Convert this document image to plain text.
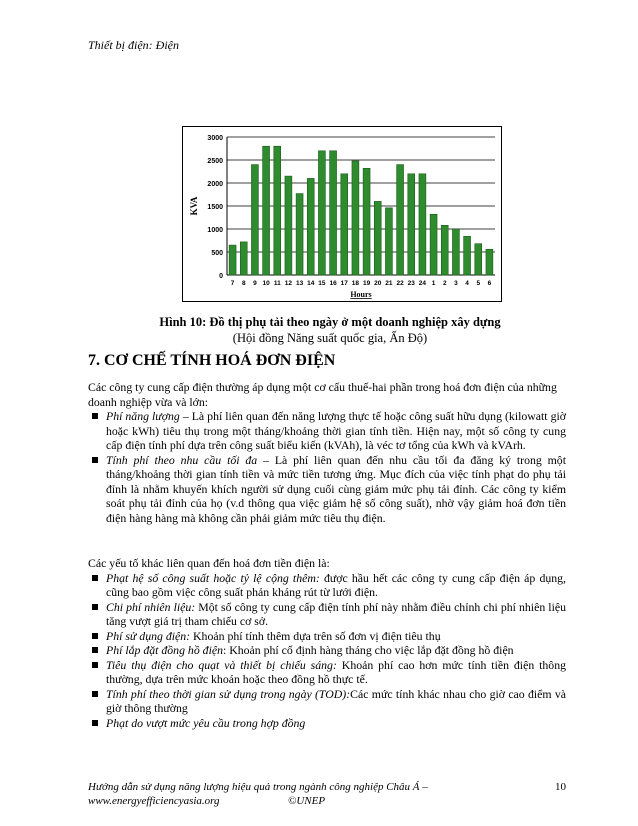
Thiết bị điện: Điện
0
500
1000
1500
2000
2500
3000
7 8 9 10 11 12 13 14 15 16 17 18 19 20 21 22 23 24 1 2 3 4 5 6
Hours
KVA
Hình 10: Đồ thị phụ tải theo ngày ở một doanh nghiệp xây dựng (Hội đồng Năng suất quốc gia, Ấn Độ)
7. CƠ CHẾ TÍNH HOÁ ĐƠN ĐIỆN
Các công ty cung cấp điện thường áp dụng một cơ cấu thuế-hai phần trong hoá đơn điện của những doanh nghiệp vừa và lớn:
Phí năng lượng – Là phí liên quan đến năng lượng thực tế hoặc công suất hữu dụng (kilowatt giờ hoặc kWh) tiêu thụ trong một tháng/khoảng thời gian tính tiền. Hiện nay, một số công ty cung cấp điện tính phí dựa trên công suất biểu kiến (kVAh), là véc tơ tổng của kWh và kVArh.
Tính phí theo nhu cầu tối đa – Là phí liên quan đến nhu cầu tối đa đăng ký trong một tháng/khoảng thời gian tính tiền và mức tiền tương ứng. Mục đích của việc tính phạt do phụ tải đỉnh là nhằm khuyến khích người sử dụng cuối cùng giảm mức phụ tải đỉnh. Các công ty kiểm soát phụ tải đỉnh của họ (v.d thông qua việc giảm hệ số công suất), nhờ vậy giảm hoá đơn tiền điện hàng hàng mà không cần phải giảm mức tiêu thụ điện.
Các yếu tố khác liên quan đến hoá đơn tiền điện là:
Phạt hệ số công suất hoặc tỷ lệ cộng thêm: được hầu hết các công ty cung cấp điện áp dụng, cũng bao gồm việc công suất phản kháng rút từ lưới điện.
Chi phí nhiên liệu: Một số công ty cung cấp điện tính phí này nhằm điều chỉnh chi phí nhiên liệu tăng vượt giá trị tham chiếu cơ sở.
Phí sử dụng điện: Khoản phí tính thêm dựa trên số đơn vị điện tiêu thụ
Phí lắp đặt đồng hồ điện: Khoản phí cố định hàng tháng cho việc lắp đặt đồng hồ điện
Tiêu thụ điện cho quạt và thiết bị chiếu sáng: Khoản phí cao hơn mức tính tiền điện thông thường, dựa trên mức khoán hoặc theo đồng hồ thực tế.
Tính phí theo thời gian sử dụng trong ngày (TOD):Các mức tính khác nhau cho giờ cao điểm và giờ thông thường
Phạt do vượt mức yêu cầu trong hợp đồng
Hướng dẫn sử dụng năng lượng hiệu quả trong ngành công nghiệp Châu Á –	10
www.energyefficiencyasia.org	©UNEP
